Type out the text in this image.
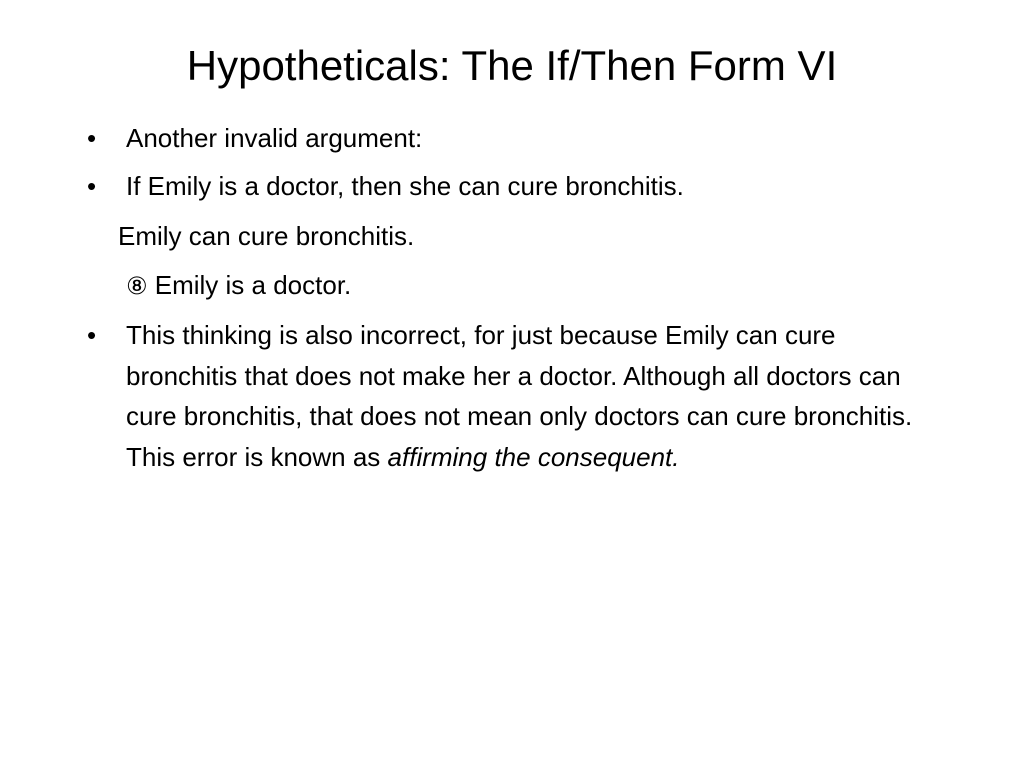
Hypotheticals: The If/Then Form VI
• Another invalid argument:
• If Emily is a doctor, then she can cure bronchitis.
Emily can cure bronchitis.
⑧ Emily is a doctor.
• This thinking is also incorrect, for just because Emily can cure bronchitis that does not make her a doctor. Although all doctors can cure bronchitis, that does not mean only doctors can cure bronchitis. This error is known as affirming the consequent.
